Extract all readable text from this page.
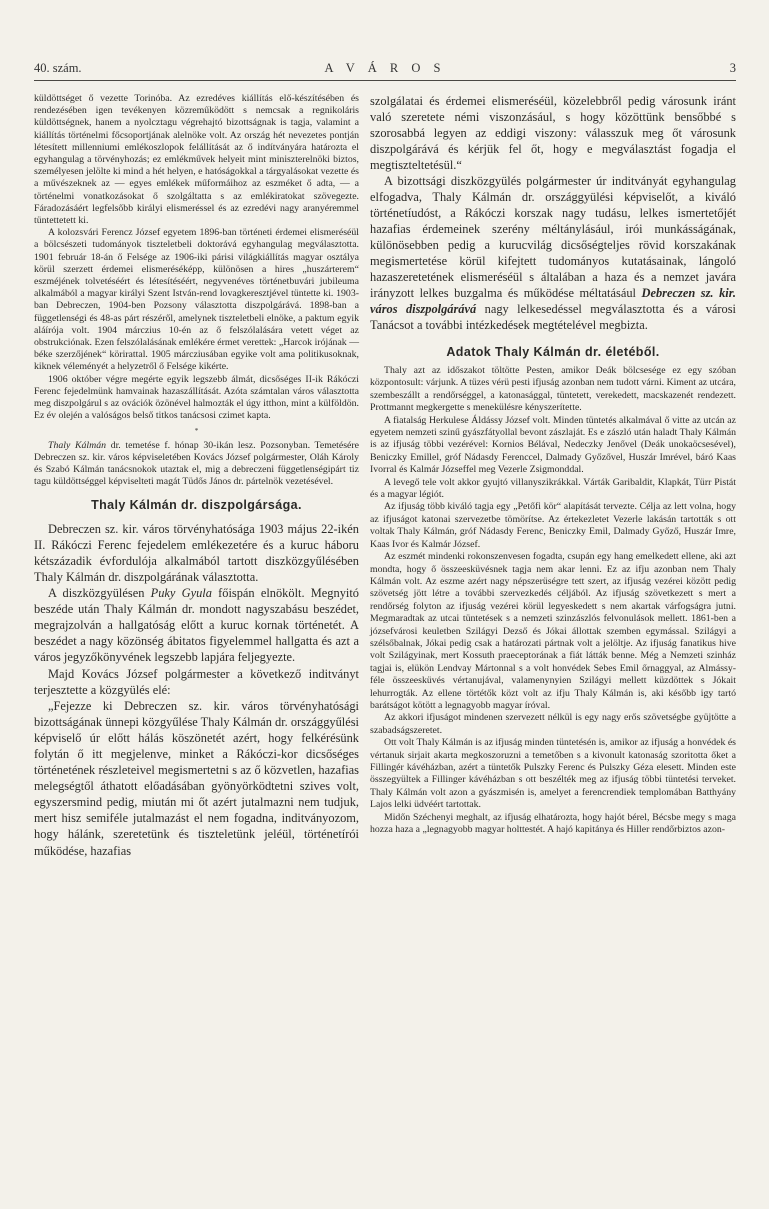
40. szám.	A V Á R O S	3

küldöttséget ő vezette Torinóba. Az ezredéves kiállítás elő-készítésében és rendezésében igen tevékenyen közreműködött s nemcsak a regnikoláris küldöttségnek, hanem a nyolcztagu végrehajtó bizottságnak is tagja, valamint a kiállítás történelmi főcsoportjának alelnöke volt. Az ország hét nevezetes pontján létesített millenniumi emlékoszlopok felállítását az ő indítványára határozta el egyhangulag a törvényhozás; ez emlékművek helyeit mint miniszterelnöki biztos, személyesen jelölte ki mind a hét helyen, e hatóságokkal a tárgyalásokat vezette és a művészeknek az — egyes emlékek műformáihoz az eszméket ő adta, — a történelmi vonatkozásokat ő szolgáltatta s az emlékiratokat szövegezte. Fáradozásáért legfelsőbb királyi elismeréssel és az ezredévi nagy aranyéremmel tüntettetett ki.

A kolozsvári Ferencz József egyetem 1896-ban történeti érdemei elismeréséül a bölcsészeti tudományok tiszteletbeli doktorává egyhangulag megválasztotta. 1901 február 18-án ő Felsége az 1906-iki párisi világkiállítás magyar osztálya körül szerzett érdemei elismeréséképp, különösen a hires „huszárterem“ eszméjének tolvetéséért és létesítéséért, negyvenéves történetbuvári jubileuma alkalmából a magyar királyi Szent István-rend lovagkeresztjével tüntette ki. 1903-ban Debreczen, 1904-ben Pozsony választotta diszpolgárává. 1898-ban a függetlenségi és 48-as párt részéről, amelynek tiszteletbeli elnöke, a paktum egyik aláírója volt. 1904 márczius 10-én az ő felszólalására vetett véget az obstrukciónak. Ezen felszólalásának emlékére érmet verettek: „Harcok irójának — béke szerzőjének“ körirattal. 1905 márcziusában egyike volt ama politikusoknak, kiknek véleményét a helyzetről ő Felsége kikérte.

1906 október végre megérte egyik legszebb álmát, dicsőséges II-ik Rákóczi Ferenc fejedelmünk hamvainak hazaszállítását. Azóta számtalan város választotta meg diszpolgárul s az ovációk özönével halmozták el úgy itthon, mint a külföldön. Ez év olején a valóságos belső titkos tanácsosi czimet kapta.

*

Thaly Kálmán dr. temetése f. hónap 30-ikán lesz. Pozsonyban. Temetésére Debreczen sz. kir. város képviseletében Kovács József polgármester, Oláh Károly és Szabó Kálmán tanácsnokok utaztak el, mig a debreczeni függetlenségipárt tiz tagu küldöttséggel képviselteti magát Tüdős János dr. pártelnök vezetésével.

Thaly Kálmán dr. diszpolgársága.

Debreczen sz. kir. város törvényhatósága 1903 május 22-ikén II. Rákóczi Ferenc fejedelem emlékezetére és a kuruc háboru kétszázadik évfordulója alkalmából tartott diszközgyűlésében Thaly Kálmán dr. diszpolgárának választotta.

A diszközgyülésen Puky Gyula főispán elnökölt. Megnyitó beszéde után Thaly Kálmán dr. mondott nagyszabásu beszédet, megrajzolván a hallgatóság előtt a kuruc kornak történetét. A beszédet a nagy közönség ábitatos figyelemmel hallgatta és azt a város jegyzőkönyvének legszebb lapjára feljegyezte.

Majd Kovács József polgármester a következő inditványt terjesztette a közgyülés elé:

„Fejezze ki Debreczen sz. kir. város törvényhatósági bizottságának ünnepi közgyűlése Thaly Kálmán dr. országgyűlési képviselő úr előtt hálás köszönetét azért, hogy felkérésünk folytán ő itt megjelenve, minket a Rákóczi-kor dicsőséges történetének részleteivel megismertetni s az ő közvetlen, hazafias melegségtől áthatott előadásában gyönyörködtetni szives volt, egyszersmind pedig, miután mi őt azért jutalmazni nem tudjuk, mert hisz semiféle jutalmazást el nem fogadna, inditványozom, hogy hálánk, szeretetünk és tiszteletünk jeléül, történetírói működése, hazafias

szolgálatai és érdemei elismeréséül, közelebbről pedig városunk iránt való szeretete némi viszonzásául, s hogy közöttünk bensőbbé s szorosabbá legyen az eddigi viszony: válasszuk meg őt városunk diszpolgárává és kérjük fel őt, hogy e megválasztást fogadja el megtiszteltetésül.“

A bizottsági diszközgyülés polgármester úr inditványát egyhangulag elfogadva, Thaly Kálmán dr. országgyülési képviselőt, a kiváló történetíudóst, a Rákóczi korszak nagy tudásu, lelkes ismertetőjét hazafias érdemeinek szerény méltánylásául, irói munkásságának, különösebben pedig a kurucvilág dicsőségteljes rövid korszakának megismertetése körül kifejtett tudományos kutatásainak, lángoló hazaszeretetének elismeréséül s általában a haza és a nemzet javára irányzott lelkes buzgalma és működése méltatásául Debreczen sz. kir. város diszpolgárává nagy lelkesedéssel megválasztotta és a városi Tanácsot a további intézkedések megtételével megbizta.

Adatok Thaly Kálmán dr. életéből.

Thaly azt az időszakot töltötte Pesten, amikor Deák bölcsesége ez egy szóban központosult: várjunk. A tüzes vérü pesti ifjuság azonban nem tudott várni. Kiment az utcára, szembeszállt a rendőrséggel, a katonasággal, tüntetett, verekedett, macskazenét rendezett. Prottmannt megkergette s menekülésre kényszerítette.

A fiatalság Herkulese Áldássy József volt. Minden tüntetés alkalmával ő vitte az utcán az egyetem nemzeti szinű gyászfátyollal bevont zászlaját. Es e zászló után haladt Thaly Kálmán is az ifjuság többi vezérével: Kornios Bélával, Nedeczky Jenővel (Deák unokaöcsesével), Beniczky Emillel, gróf Nádasdy Ferenccel, Dalmady Győzővel, Huszár Imrével, báró Kaas Ivorral és Kalmár Józseffel meg Vezerle Zsigmonddal.

A levegő tele volt akkor gyujtó villanyszikrákkal. Várták Garibaldit, Klapkát, Türr Pistát és a magyar légiót.

Az ifjuság több kiváló tagja egy „Petőfi kör“ alapítását tervezte. Célja az lett volna, hogy az ifjuságot katonai szervezetbe tömörítse. Az értekezletet Vezerle lakásán tartották s ott voltak Thaly Kálmán, gróf Nádasdy Ferenc, Beniczky Emil, Dalmady Győző, Huszár Imre, Kaas Ivor és Kalmár József.

Az eszmét mindenki rokonszenvesen fogadta, csupán egy hang emelkedett ellene, aki azt mondta, hogy ő összeesküvésnek tagja nem akar lenni. Ez az ifju azonban nem Thaly Kálmán volt. Az eszme azért nagy népszerüségre tett szert, az ifjuság vezérei között pedig szövetség jött létre a további szervezkedés céljából. Az ifjuság szövetkezett s mert a rendőrség folyton az ifjuság vezérei körül legyeskedett s nem akartak várfogságra jutni. Megmaradtak az utcai tüntetések s a nemzeti szinzászlós felvonulások mellett. 1861-ben a józsefvárosi keuletben Szilágyi Dezső és Jókai állottak szemben egymással. Szilágyi a szélsőbalnak, Jókai pedig csak a határozati pártnak volt a jelöltje. Az ifjuság fanatikus hive volt Szilágyinak, mert Kossuth praeceptorának a fiát látták benne. Még a Nemzeti szinház tagjai is, elükön Lendvay Mártonnal s a volt honvédek Sebes Emil őrnaggyal, az Almássy-féle összeesküvés vértanujával, valamenynyien Szilágyi mellett küzdöttek s Jókait lehurrogták. Az ellene törtétők közt volt az ifju Thaly Kálmán is, aki később igy tartó barátságot kötött a legnagyobb magyar íróval.

Az akkori ifjuságot mindenen szervezett nélkül is egy nagy erős szövetségbe gyüjtötte a szabadságszeretet.

Ott volt Thaly Kálmán is az ifjuság minden tüntetésén is, amikor az ifjuság a honvédek és vértanuk sirjait akarta megkoszoruzni a temetőben s a kivonult katonaság szoritotta őket a Fillingér kávéházban, azért a tüntetők Pulszky Ferenc és Pulszky Géza elesett. Minden este összegyültek a Fillinger kávéházban s ott beszélték meg az ifjuság többi tüntetési terveket. Thaly Kálmán volt azon a gyászmisén is, amelyet a ferencrendiek templomában Batthyány Lajos lelki üdvéért tartottak.

Midőn Széchenyi meghalt, az ifjuság elhatározta, hogy hajót bérel, Bécsbe megy s maga hozza haza a „legnagyobb magyar holttestét. A hajó kapitánya és Hiller rendőrbiztos azon-
